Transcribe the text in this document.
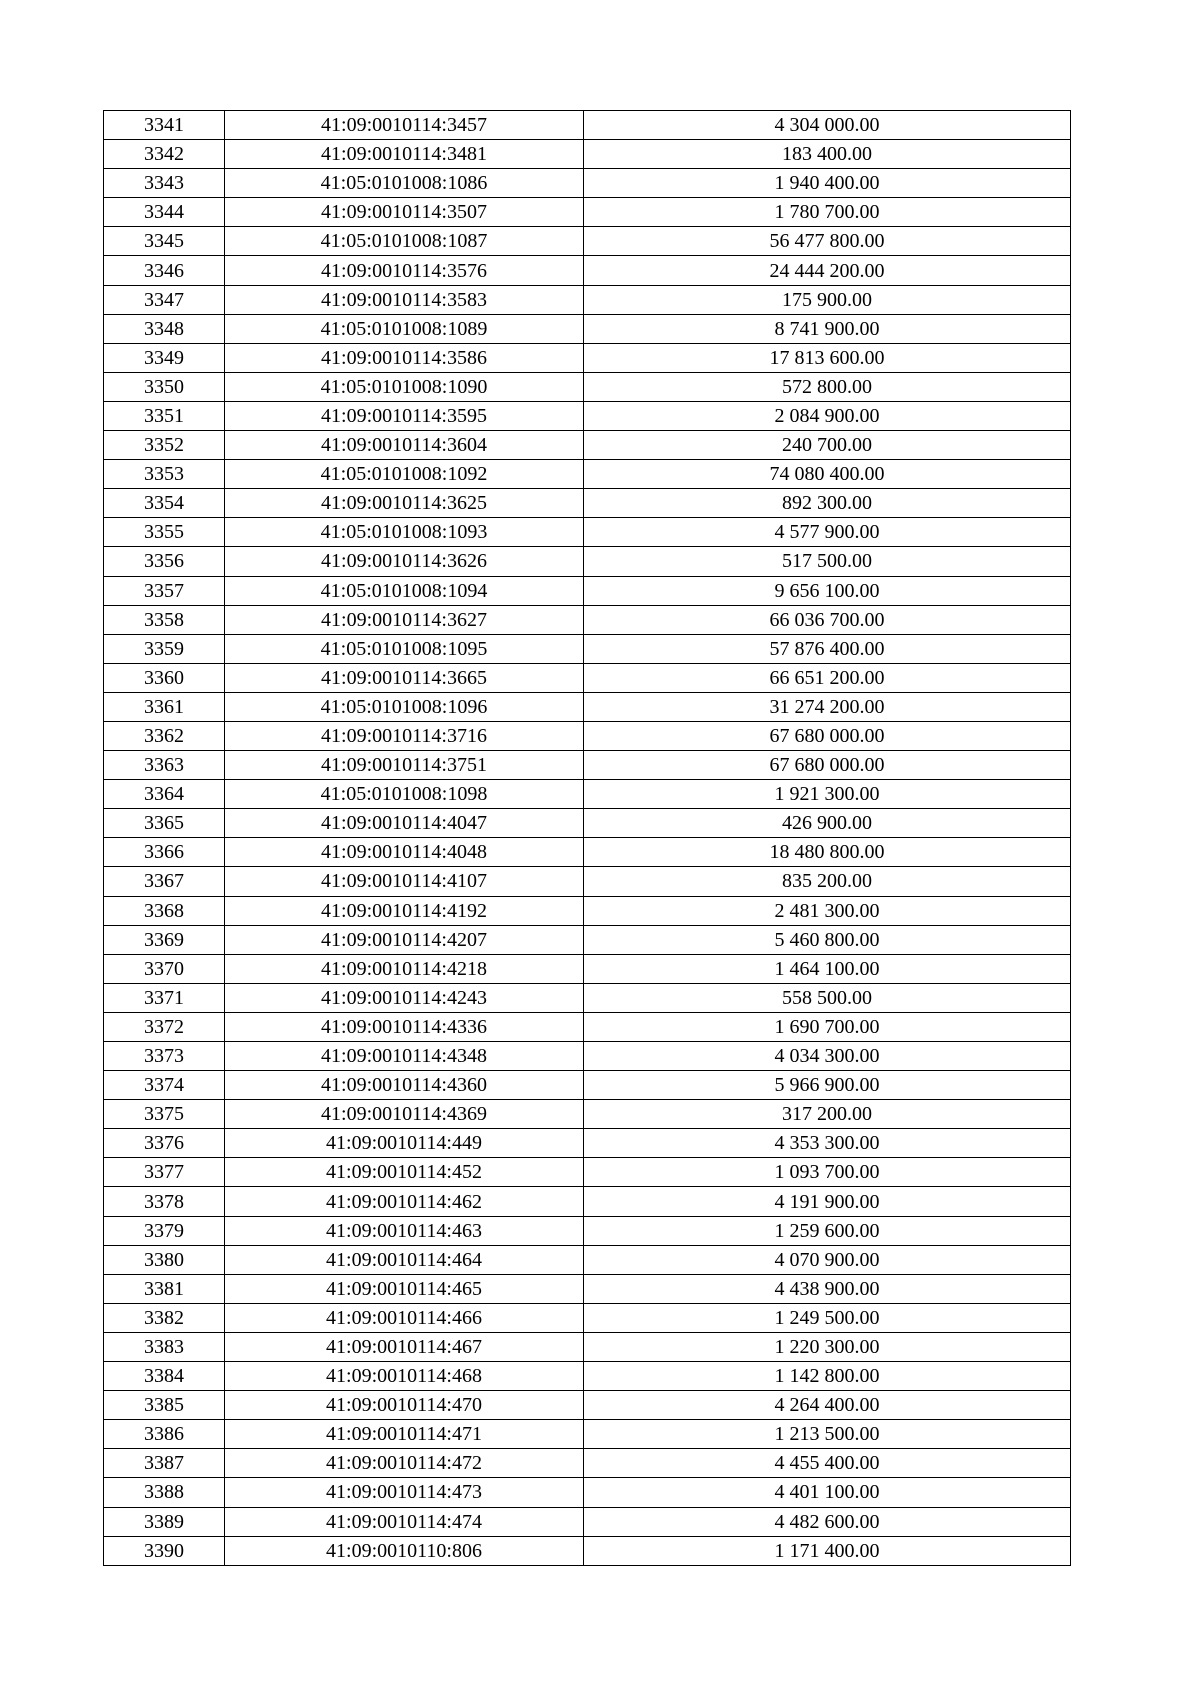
3341	41:09:0010114:3457	4 304 000.00
3342	41:09:0010114:3481	183 400.00
3343	41:05:0101008:1086	1 940 400.00
3344	41:09:0010114:3507	1 780 700.00
3345	41:05:0101008:1087	56 477 800.00
3346	41:09:0010114:3576	24 444 200.00
3347	41:09:0010114:3583	175 900.00
3348	41:05:0101008:1089	8 741 900.00
3349	41:09:0010114:3586	17 813 600.00
3350	41:05:0101008:1090	572 800.00
3351	41:09:0010114:3595	2 084 900.00
3352	41:09:0010114:3604	240 700.00
3353	41:05:0101008:1092	74 080 400.00
3354	41:09:0010114:3625	892 300.00
3355	41:05:0101008:1093	4 577 900.00
3356	41:09:0010114:3626	517 500.00
3357	41:05:0101008:1094	9 656 100.00
3358	41:09:0010114:3627	66 036 700.00
3359	41:05:0101008:1095	57 876 400.00
3360	41:09:0010114:3665	66 651 200.00
3361	41:05:0101008:1096	31 274 200.00
3362	41:09:0010114:3716	67 680 000.00
3363	41:09:0010114:3751	67 680 000.00
3364	41:05:0101008:1098	1 921 300.00
3365	41:09:0010114:4047	426 900.00
3366	41:09:0010114:4048	18 480 800.00
3367	41:09:0010114:4107	835 200.00
3368	41:09:0010114:4192	2 481 300.00
3369	41:09:0010114:4207	5 460 800.00
3370	41:09:0010114:4218	1 464 100.00
3371	41:09:0010114:4243	558 500.00
3372	41:09:0010114:4336	1 690 700.00
3373	41:09:0010114:4348	4 034 300.00
3374	41:09:0010114:4360	5 966 900.00
3375	41:09:0010114:4369	317 200.00
3376	41:09:0010114:449	4 353 300.00
3377	41:09:0010114:452	1 093 700.00
3378	41:09:0010114:462	4 191 900.00
3379	41:09:0010114:463	1 259 600.00
3380	41:09:0010114:464	4 070 900.00
3381	41:09:0010114:465	4 438 900.00
3382	41:09:0010114:466	1 249 500.00
3383	41:09:0010114:467	1 220 300.00
3384	41:09:0010114:468	1 142 800.00
3385	41:09:0010114:470	4 264 400.00
3386	41:09:0010114:471	1 213 500.00
3387	41:09:0010114:472	4 455 400.00
3388	41:09:0010114:473	4 401 100.00
3389	41:09:0010114:474	4 482 600.00
3390	41:09:0010110:806	1 171 400.00
